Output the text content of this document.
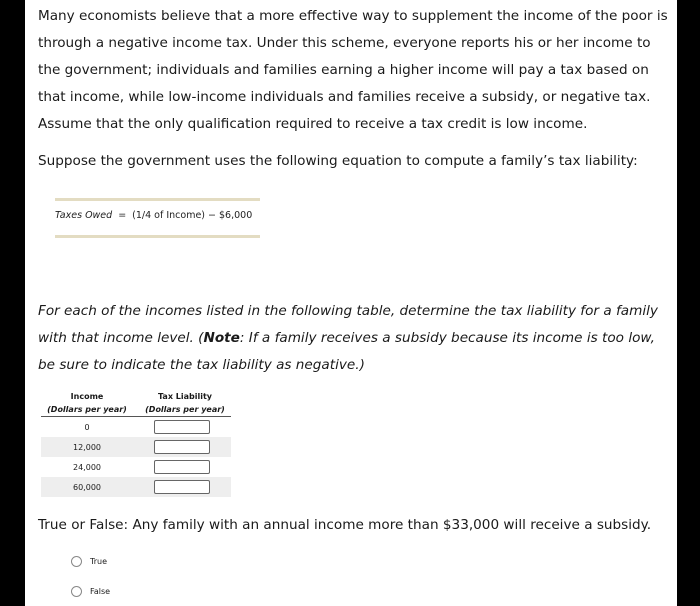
Many economists believe that a more effective way to supplement the income of the poor is through a negative income tax. Under this scheme, everyone reports his or her income to the government; individuals and families earning a higher income will pay a tax based on that income, while low-income individuals and families receive a subsidy, or negative tax. Assume that the only qualification required to receive a tax credit is low income.

Suppose the government uses the following equation to compute a family’s tax liability:

Taxes Owed = (1/4 of Income) − $6,000

For each of the incomes listed in the following table, determine the tax liability for a family with that income level. (Note: If a family receives a subsidy because its income is too low, be sure to indicate the tax liability as negative.)

Income	Tax Liability
(Dollars per year)	(Dollars per year)
0	
12,000	
24,000	
60,000	

True or False: Any family with an annual income more than $33,000 will receive a subsidy.

True
False
